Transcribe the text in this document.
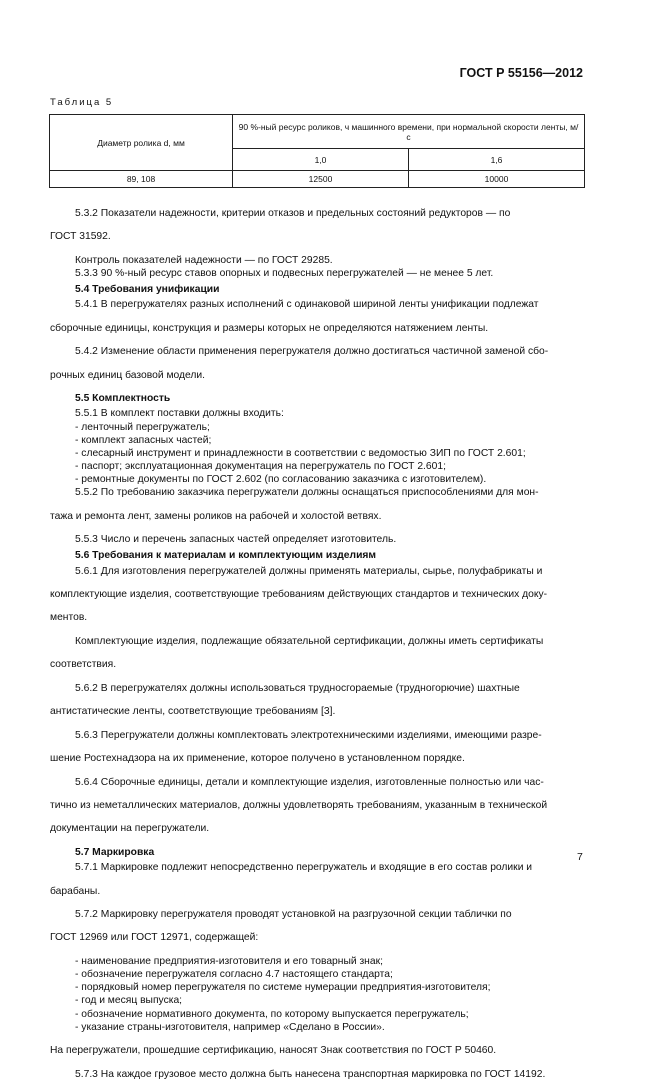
ГОСТ Р 55156—2012
Таблица 5
Диаметр ролика d, мм	90 %-ный ресурс роликов, ч машинного времени, при нормальной скорости ленты, м/с	
	1,0	1,6
89, 108	12500	10000

5.3.2 Показатели надежности, критерии отказов и предельных состояний редукторов — по

ГОСТ 31592.

Контроль показателей надежности — по ГОСТ 29285.

5.3.3 90 %-ный ресурс ставов опорных и подвесных перегружателей — не менее 5 лет.

5.4 Требования унификации

5.4.1 В перегружателях разных исполнений с одинаковой шириной ленты унификации подлежат

сборочные единицы, конструкция и размеры которых не определяются натяжением ленты.

5.4.2 Изменение области применения перегружателя должно достигаться частичной заменой сбо-

рочных единиц базовой модели.

5.5 Комплектность

5.5.1 В комплект поставки должны входить:

- ленточный перегружатель;

- комплект запасных частей;

- слесарный инструмент и принадлежности в соответствии с ведомостью ЗИП по ГОСТ 2.601;

- паспорт; эксплуатационная документация на перегружатель по ГОСТ 2.601;

- ремонтные документы по ГОСТ 2.602 (по согласованию заказчика с изготовителем).

5.5.2 По требованию заказчика перегружатели должны оснащаться приспособлениями для мон-

тажа и ремонта лент, замены роликов на рабочей и холостой ветвях.

5.5.3 Число и перечень запасных частей определяет изготовитель.

5.6 Требования к материалам и комплектующим изделиям

5.6.1 Для изготовления перегружателей должны применять материалы, сырье, полуфабрикаты и

комплектующие изделия, соответствующие требованиям действующих стандартов и технических доку-

ментов.

Комплектующие изделия, подлежащие обязательной сертификации, должны иметь сертификаты

соответствия.

5.6.2 В перегружателях должны использоваться трудносгораемые (трудногорючие) шахтные

антистатические ленты, соответствующие требованиям [3].

5.6.3 Перегружатели должны комплектовать электротехническими изделиями, имеющими разре-

шение Ростехнадзора на их применение, которое получено в установленном порядке.

5.6.4 Сборочные единицы, детали и комплектующие изделия, изготовленные полностью или час-

тично из неметаллических материалов, должны удовлетворять требованиям, указанным в технической

документации на перегружатели.

5.7 Маркировка

5.7.1 Маркировке подлежит непосредственно перегружатель и входящие в его состав ролики и

барабаны.

5.7.2 Маркировку перегружателя проводят установкой на разгрузочной секции таблички по

ГОСТ 12969 или ГОСТ 12971, содержащей:

- наименование предприятия-изготовителя и его товарный знак;

- обозначение перегружателя согласно 4.7 настоящего стандарта;

- порядковый номер перегружателя по системе нумерации предприятия-изготовителя;

- год и месяц выпуска;

- обозначение нормативного документа, по которому выпускается перегружатель;

- указание страны-изготовителя, например «Сделано в России».

На перегружатели, прошедшие сертификацию, наносят Знак соответствия по ГОСТ Р 50460.

5.7.3 На каждое грузовое место должна быть нанесена транспортная маркировка по ГОСТ 14192.

7
